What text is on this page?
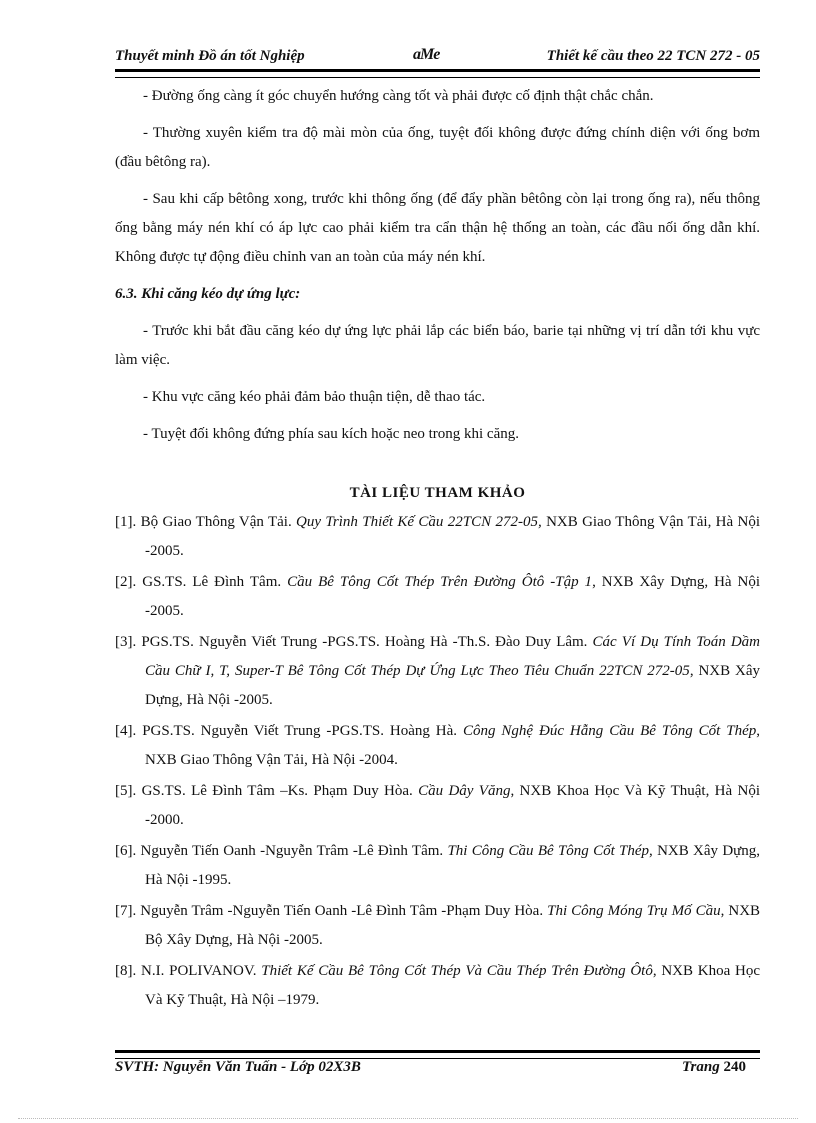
Thuyết minh Đồ án tốt Nghiệp	aMe	Thiết kế cầu theo 22 TCN 272 - 05

- Đường ống càng ít góc chuyển hướng càng tốt và phải được cố định thật chắc chắn.

- Thường xuyên kiểm tra độ mài mòn của ống, tuyệt đối không được đứng chính diện với ống bơm (đầu bêtông ra).

- Sau khi cấp bêtông xong, trước khi thông ống (để đẩy phần bêtông còn lại trong ống ra), nếu thông ống bằng máy nén khí có áp lực cao phải kiểm tra cẩn thận hệ thống an toàn, các đầu nối ống dẫn khí. Không được tự động điều chỉnh van an toàn của máy nén khí.

6.3. Khi căng kéo dự ứng lực:

- Trước khi bắt đầu căng kéo dự ứng lực phải lắp các biển báo, barie tại những vị trí dẫn tới khu vực làm việc.

- Khu vực căng kéo phải đảm bảo thuận tiện, dễ thao tác.

- Tuyệt đối không đứng phía sau kích hoặc neo trong khi căng.

TÀI LIỆU THAM KHẢO

[1]. Bộ Giao Thông Vận Tải. Quy Trình Thiết Kế Cầu 22TCN 272-05, NXB Giao Thông Vận Tải, Hà Nội -2005.

[2]. GS.TS. Lê Đình Tâm. Cầu Bê Tông Cốt Thép Trên Đường Ôtô -Tập 1, NXB Xây Dựng, Hà Nội -2005.

[3]. PGS.TS. Nguyễn Viết Trung -PGS.TS. Hoàng Hà -Th.S. Đào Duy Lâm. Các Ví Dụ Tính Toán Dầm Cầu Chữ I, T, Super-T Bê Tông Cốt Thép Dự Ứng Lực Theo Tiêu Chuẩn 22TCN 272-05, NXB Xây Dựng, Hà Nội -2005.

[4]. PGS.TS. Nguyễn Viết Trung -PGS.TS. Hoàng Hà. Công Nghệ Đúc Hẫng Cầu Bê Tông Cốt Thép, NXB Giao Thông Vận Tải, Hà Nội -2004.

[5]. GS.TS. Lê Đình Tâm –Ks. Phạm Duy Hòa. Cầu Dây Văng, NXB Khoa Học Và Kỹ Thuật, Hà Nội -2000.

[6]. Nguyễn Tiến Oanh -Nguyễn Trâm -Lê Đình Tâm. Thi Công Cầu Bê Tông Cốt Thép, NXB Xây Dựng, Hà Nội -1995.

[7]. Nguyễn Trâm -Nguyễn Tiến Oanh -Lê Đình Tâm -Phạm Duy Hòa. Thi Công Móng Trụ Mố Cầu, NXB Bộ Xây Dựng, Hà Nội -2005.

[8]. N.I. POLIVANOV. Thiết Kế Cầu Bê Tông Cốt Thép Và Cầu Thép Trên Đường Ôtô, NXB Khoa Học Và Kỹ Thuật, Hà Nội –1979.

SVTH: Nguyễn Văn Tuấn - Lớp 02X3B	Trang 240
